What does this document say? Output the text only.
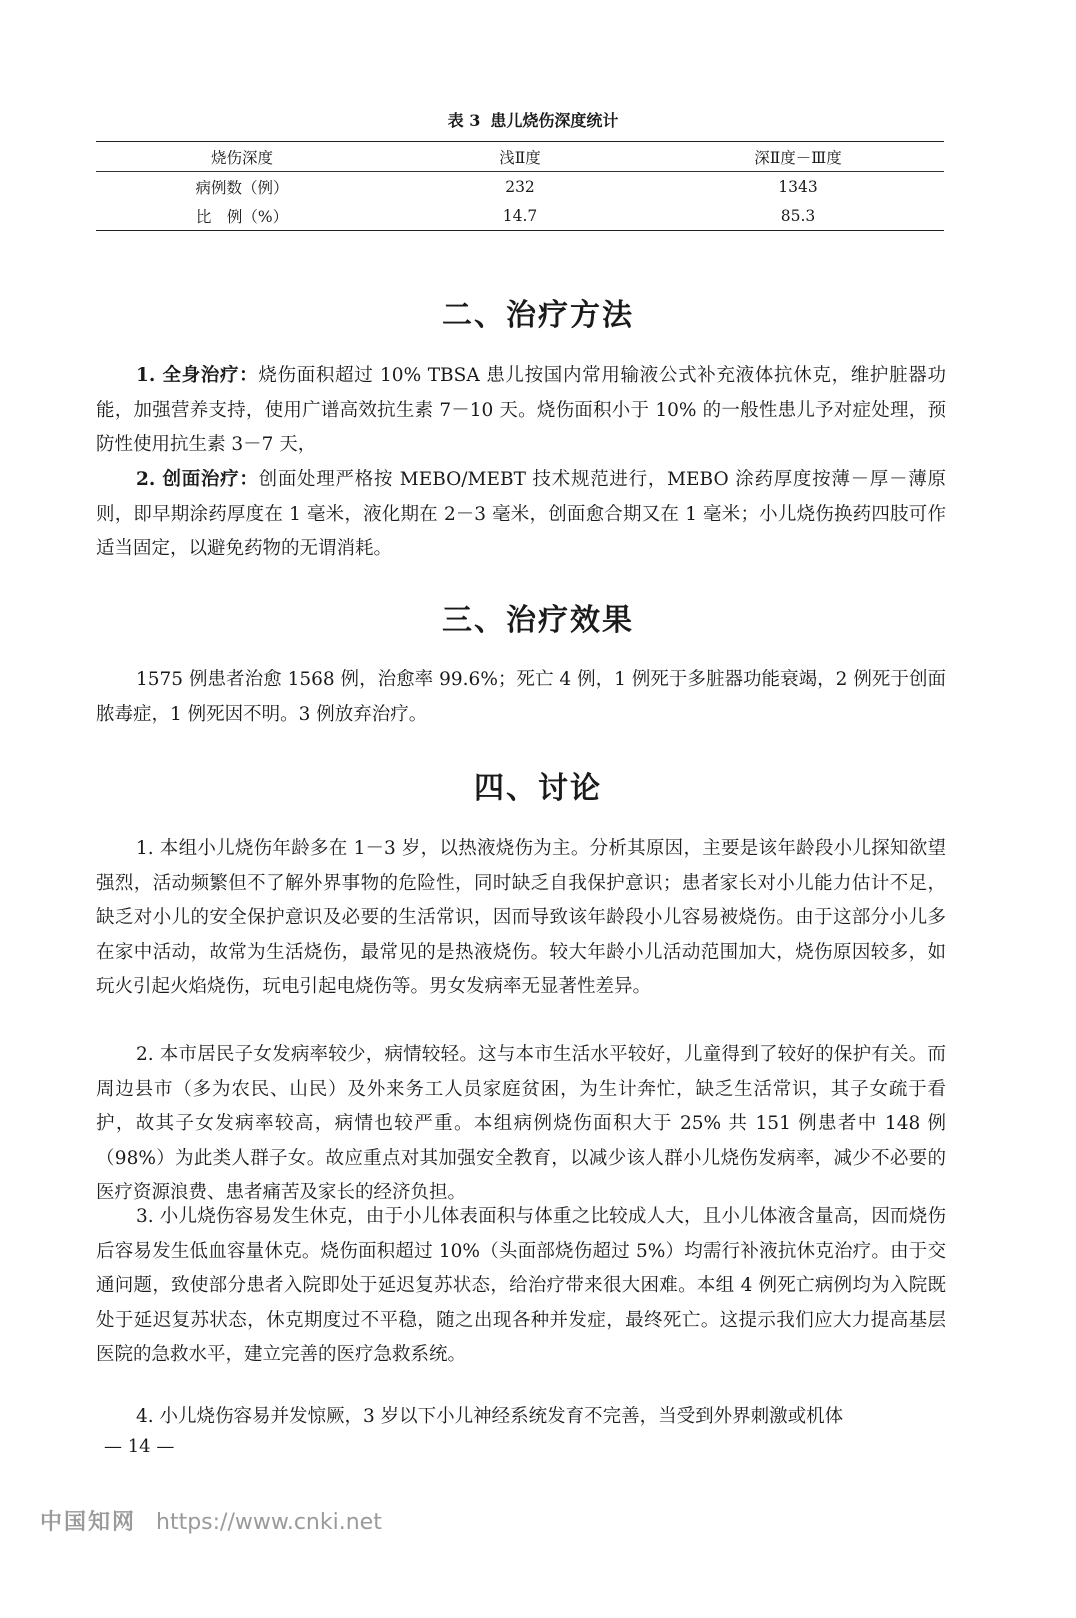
表 3 患儿烧伤深度统计
烧伤深度	浅Ⅱ度	深Ⅱ度－Ⅲ度
病例数（例）	232	1343
比　例（%）	14.7	85.3
二、治疗方法
1. 全身治疗：烧伤面积超过 10% TBSA 患儿按国内常用输液公式补充液体抗休克，维护脏器功能，加强营养支持，使用广谱高效抗生素 7－10 天。烧伤面积小于 10% 的一般性患儿予对症处理，预防性使用抗生素 3－7 天，
2. 创面治疗：创面处理严格按 MEBO/MEBT 技术规范进行，MEBO 涂药厚度按薄－厚－薄原则，即早期涂药厚度在 1 毫米，液化期在 2－3 毫米，创面愈合期又在 1 毫米；小儿烧伤换药四肢可作适当固定，以避免药物的无谓消耗。
三、治疗效果
1575 例患者治愈 1568 例，治愈率 99.6%；死亡 4 例，1 例死于多脏器功能衰竭，2 例死于创面脓毒症，1 例死因不明。3 例放弃治疗。
四、讨论
1. 本组小儿烧伤年龄多在 1－3 岁，以热液烧伤为主。分析其原因，主要是该年龄段小儿探知欲望强烈，活动频繁但不了解外界事物的危险性，同时缺乏自我保护意识；患者家长对小儿能力估计不足，缺乏对小儿的安全保护意识及必要的生活常识，因而导致该年龄段小儿容易被烧伤。由于这部分小儿多在家中活动，故常为生活烧伤，最常见的是热液烧伤。较大年龄小儿活动范围加大，烧伤原因较多，如玩火引起火焰烧伤，玩电引起电烧伤等。男女发病率无显著性差异。
2. 本市居民子女发病率较少，病情较轻。这与本市生活水平较好，儿童得到了较好的保护有关。而周边县市（多为农民、山民）及外来务工人员家庭贫困，为生计奔忙，缺乏生活常识，其子女疏于看护，故其子女发病率较高，病情也较严重。本组病例烧伤面积大于 25% 共 151 例患者中 148 例（98%）为此类人群子女。故应重点对其加强安全教育，以减少该人群小儿烧伤发病率，减少不必要的医疗资源浪费、患者痛苦及家长的经济负担。
3. 小儿烧伤容易发生休克，由于小儿体表面积与体重之比较成人大，且小儿体液含量高，因而烧伤后容易发生低血容量休克。烧伤面积超过 10%（头面部烧伤超过 5%）均需行补液抗休克治疗。由于交通问题，致使部分患者入院即处于延迟复苏状态，给治疗带来很大困难。本组 4 例死亡病例均为入院既处于延迟复苏状态，休克期度过不平稳，随之出现各种并发症，最终死亡。这提示我们应大力提高基层医院的急救水平，建立完善的医疗急救系统。
4. 小儿烧伤容易并发惊厥，3 岁以下小儿神经系统发育不完善，当受到外界刺激或机体
— 14 —
中国知网 https://www.cnki.net
